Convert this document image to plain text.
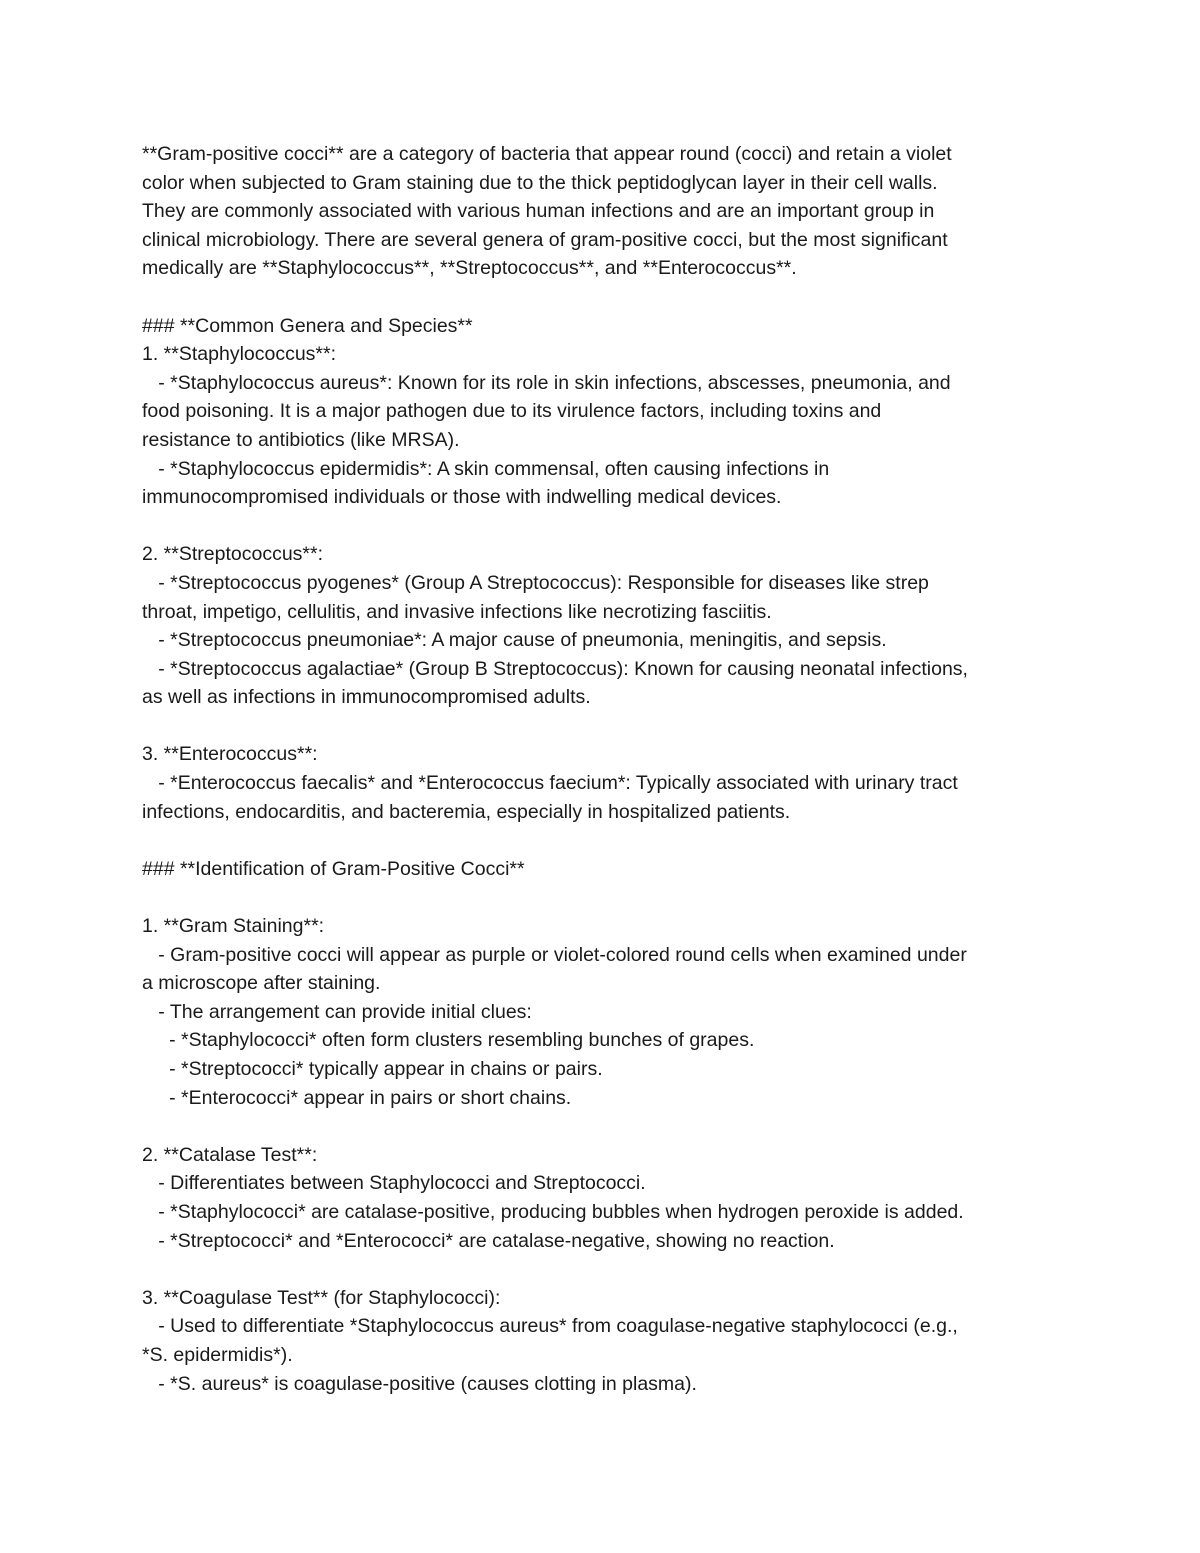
**Gram-positive cocci** are a category of bacteria that appear round (cocci) and retain a violet

color when subjected to Gram staining due to the thick peptidoglycan layer in their cell walls.

They are commonly associated with various human infections and are an important group in

clinical microbiology. There are several genera of gram-positive cocci, but the most significant

medically are **Staphylococcus**, **Streptococcus**, and **Enterococcus**.

### **Common Genera and Species**

1. **Staphylococcus**:

- *Staphylococcus aureus*: Known for its role in skin infections, abscesses, pneumonia, and

food poisoning. It is a major pathogen due to its virulence factors, including toxins and

resistance to antibiotics (like MRSA).

- *Staphylococcus epidermidis*: A skin commensal, often causing infections in

immunocompromised individuals or those with indwelling medical devices.

2. **Streptococcus**:

- *Streptococcus pyogenes* (Group A Streptococcus): Responsible for diseases like strep

throat, impetigo, cellulitis, and invasive infections like necrotizing fasciitis.

- *Streptococcus pneumoniae*: A major cause of pneumonia, meningitis, and sepsis.

- *Streptococcus agalactiae* (Group B Streptococcus): Known for causing neonatal infections,

as well as infections in immunocompromised adults.

3. **Enterococcus**:

- *Enterococcus faecalis* and *Enterococcus faecium*: Typically associated with urinary tract

infections, endocarditis, and bacteremia, especially in hospitalized patients.

### **Identification of Gram-Positive Cocci**

1. **Gram Staining**:

- Gram-positive cocci will appear as purple or violet-colored round cells when examined under

a microscope after staining.

- The arrangement can provide initial clues:

- *Staphylococci* often form clusters resembling bunches of grapes.

- *Streptococci* typically appear in chains or pairs.

- *Enterococci* appear in pairs or short chains.

2. **Catalase Test**:

- Differentiates between Staphylococci and Streptococci.

- *Staphylococci* are catalase-positive, producing bubbles when hydrogen peroxide is added.

- *Streptococci* and *Enterococci* are catalase-negative, showing no reaction.

3. **Coagulase Test** (for Staphylococci):

- Used to differentiate *Staphylococcus aureus* from coagulase-negative staphylococci (e.g.,

*S. epidermidis*).

- *S. aureus* is coagulase-positive (causes clotting in plasma).
